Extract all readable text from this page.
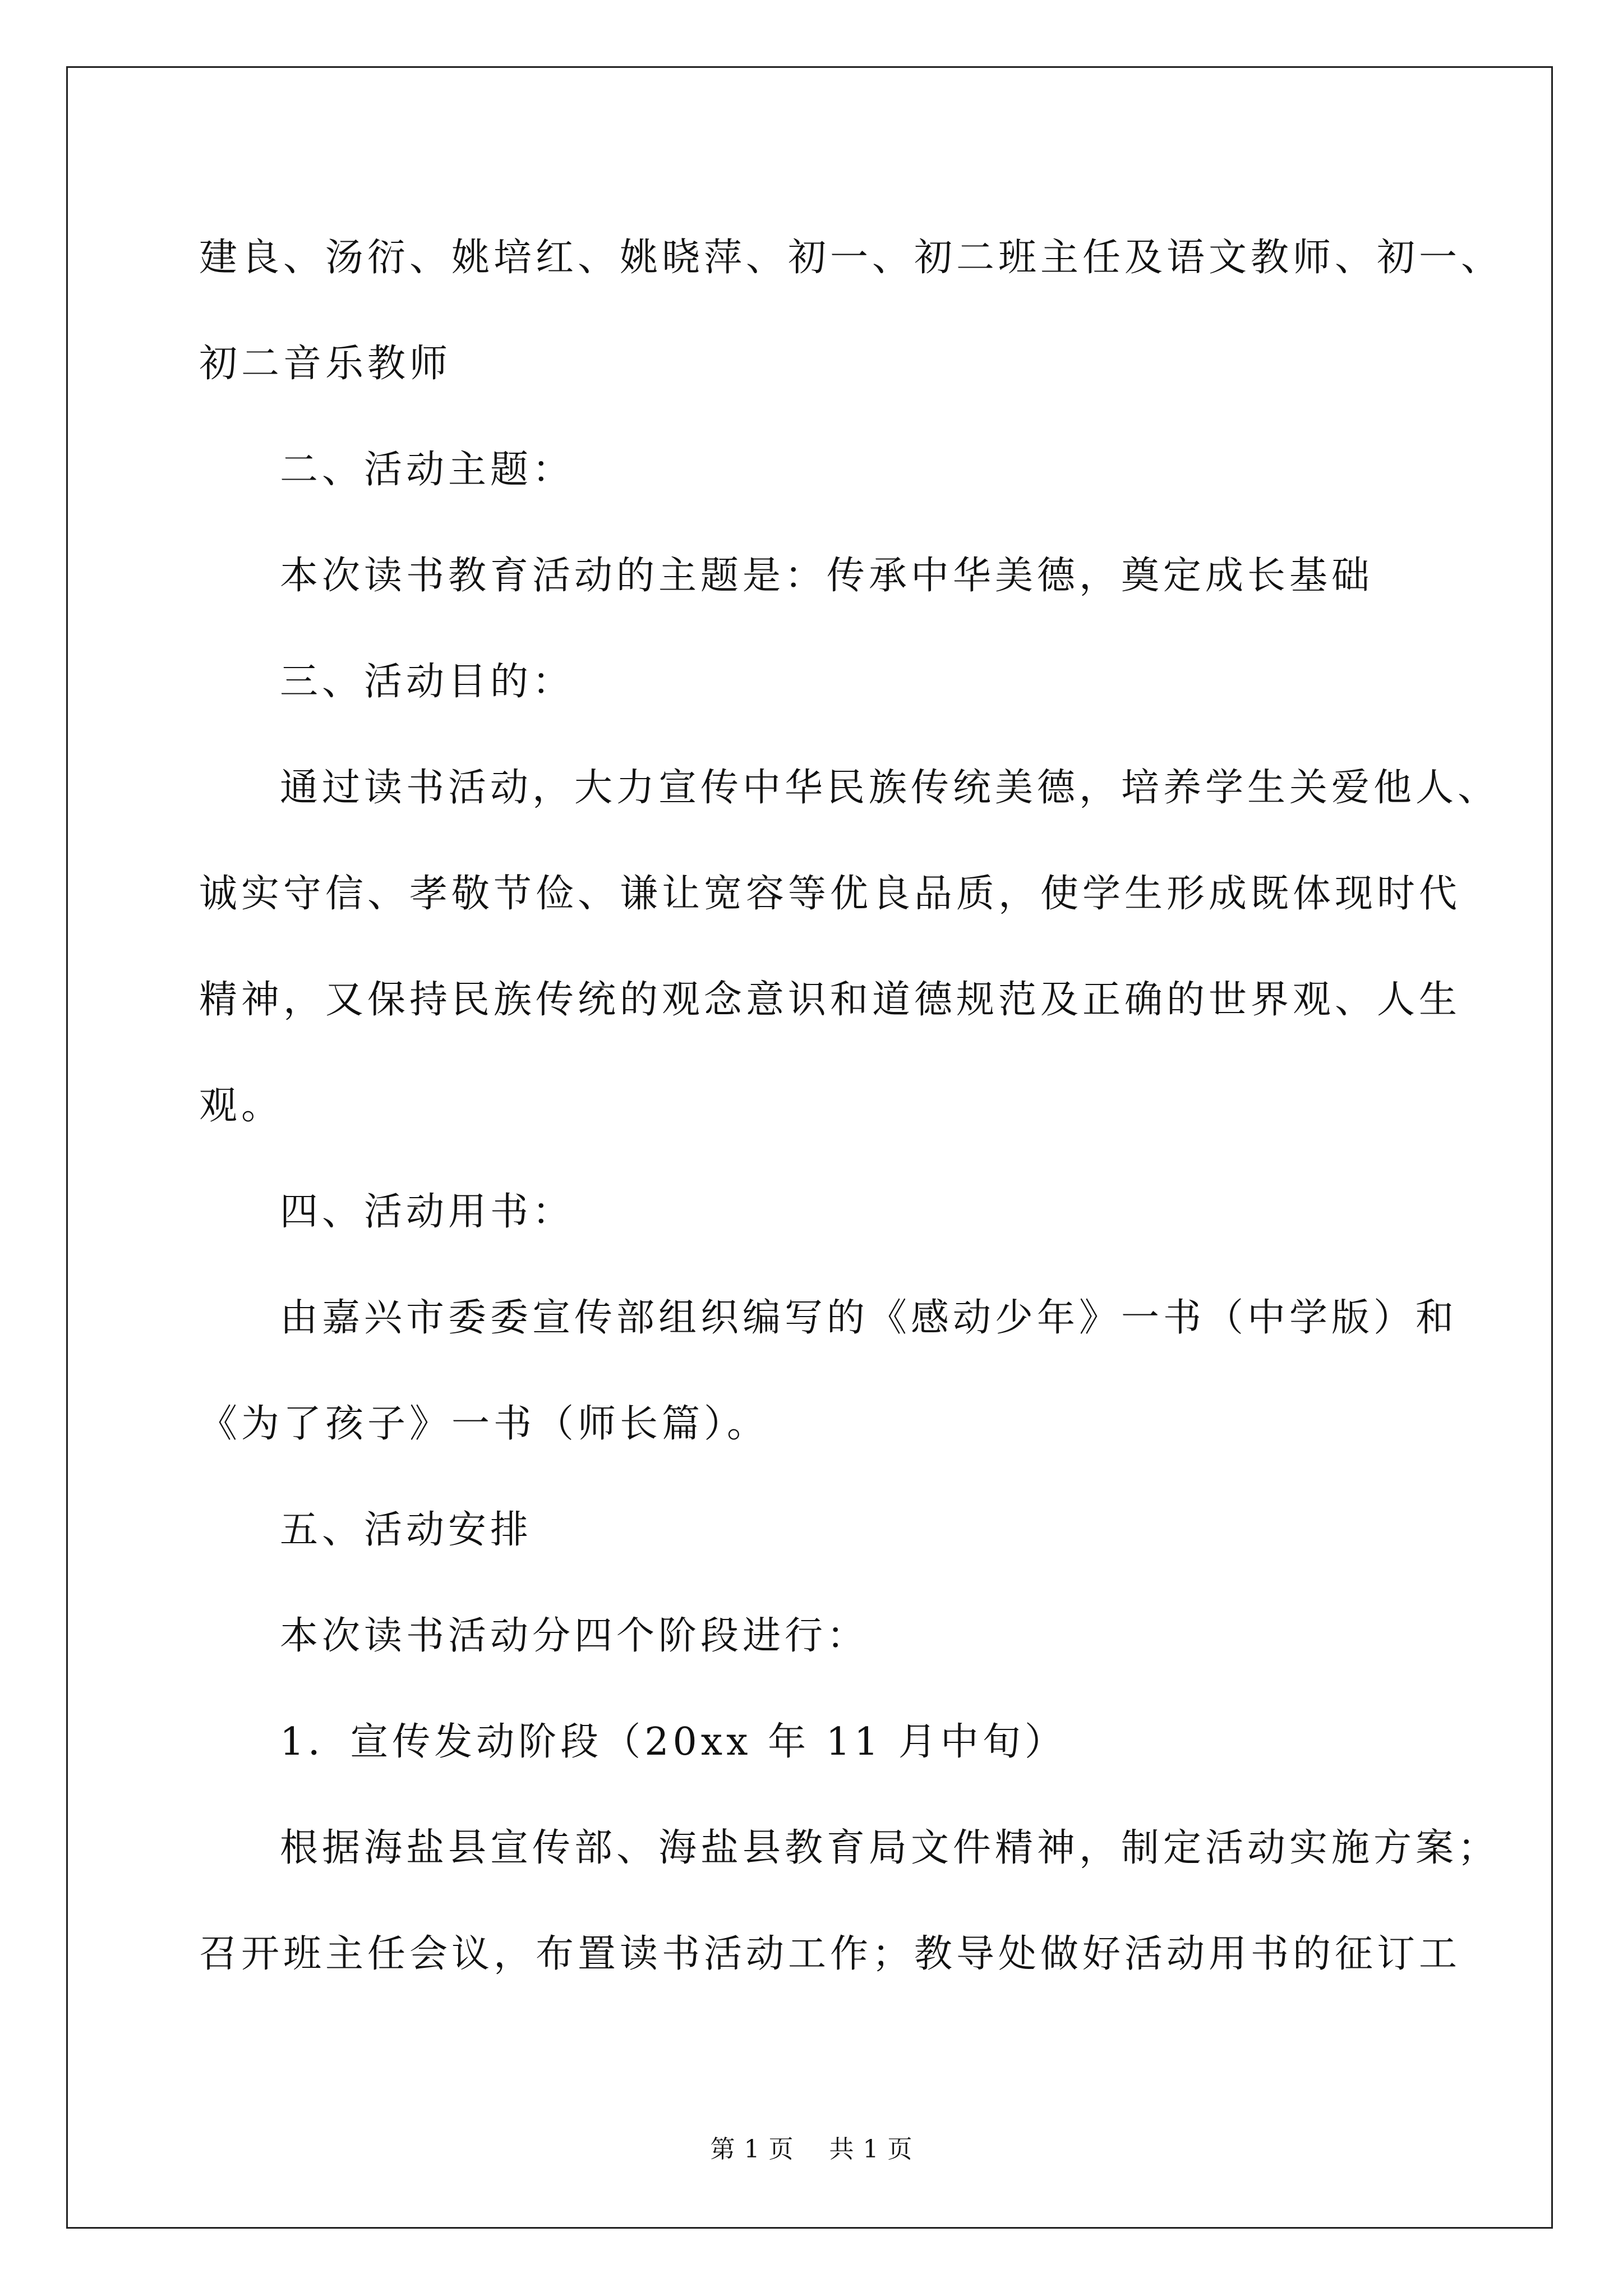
建良、汤衍、姚培红、姚晓萍、初一、初二班主任及语文教师、初一、

初二音乐教师

二、活动主题：

本次读书教育活动的主题是：传承中华美德，奠定成长基础

三、活动目的：

通过读书活动，大力宣传中华民族传统美德，培养学生关爱他人、

诚实守信、孝敬节俭、谦让宽容等优良品质，使学生形成既体现时代

精神，又保持民族传统的观念意识和道德规范及正确的世界观、人生

观。

四、活动用书：

由嘉兴市委委宣传部组织编写的《感动少年》一书（中学版）和

《为了孩子》一书（师长篇）。

五、活动安排

本次读书活动分四个阶段进行：

1．宣传发动阶段（20xx 年 11 月中旬）

根据海盐县宣传部、海盐县教育局文件精神，制定活动实施方案；

召开班主任会议，布置读书活动工作；教导处做好活动用书的征订工

第 1 页 共 1 页
